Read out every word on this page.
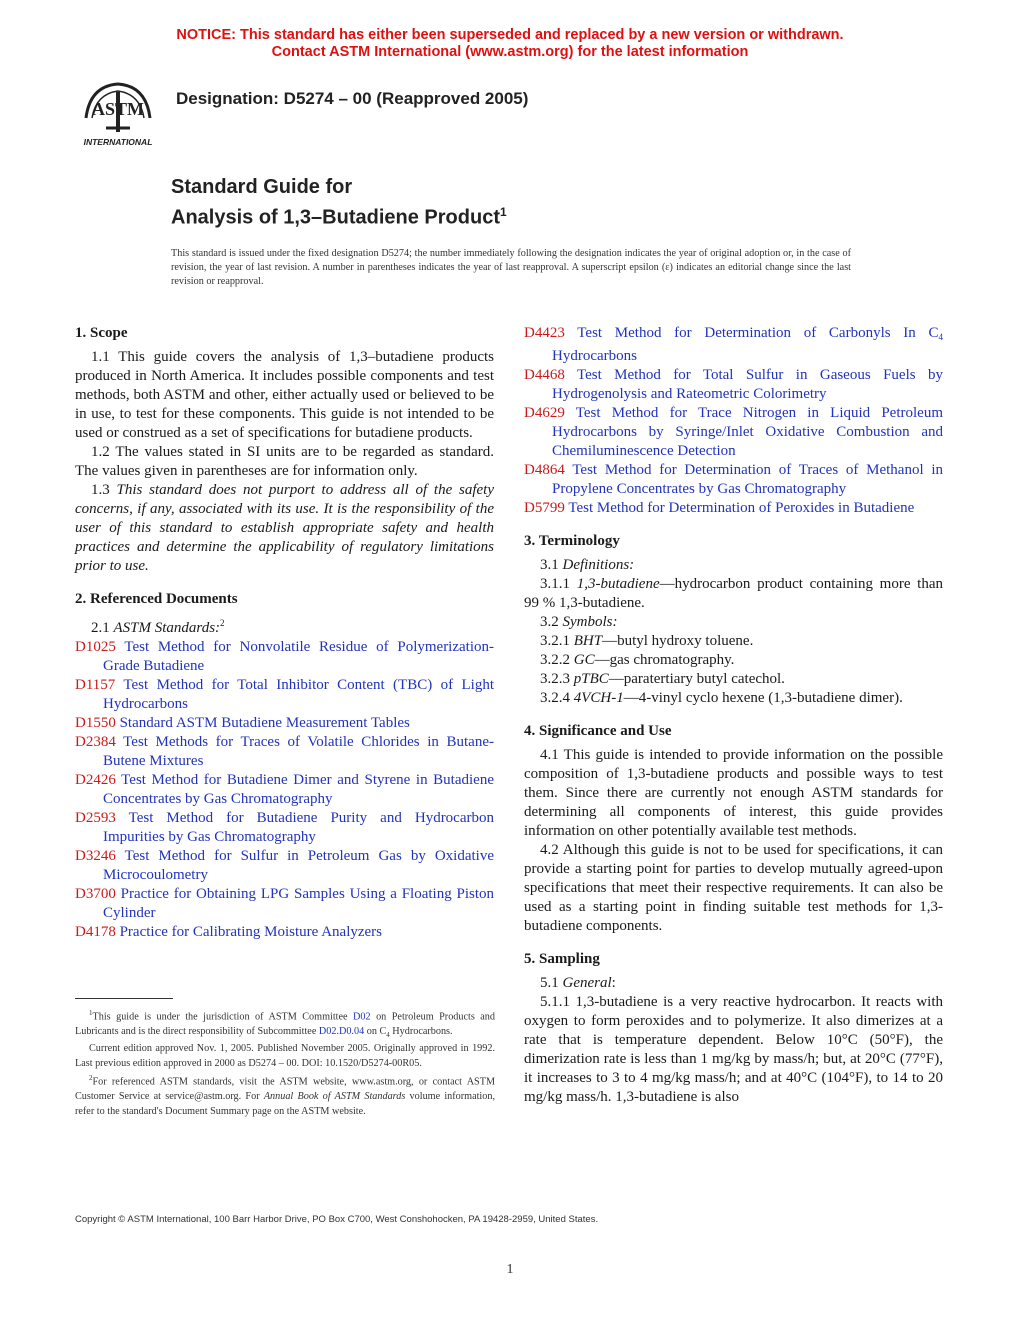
NOTICE: This standard has either been superseded and replaced by a new version or withdrawn.
Contact ASTM International (www.astm.org) for the latest information
ASTM
INTERNATIONAL
Designation: D5274 – 00 (Reapproved 2005)
Standard Guide for
Analysis of 1,3–Butadiene Product$^1$
This standard is issued under the fixed designation D5274; the number immediately following the designation indicates the year of original adoption or, in the case of revision, the year of last revision. A number in parentheses indicates the year of last reapproval. A superscript epsilon (ε) indicates an editorial change since the last revision or reapproval.

1. Scope

1.1 This guide covers the analysis of 1,3–butadiene products produced in North America. It includes possible components and test methods, both ASTM and other, either actually used or believed to be in use, to test for these components. This guide is not intended to be used or construed as a set of specifications for butadiene products.

1.2 The values stated in SI units are to be regarded as standard. The values given in parentheses are for information only.

1.3 This standard does not purport to address all of the safety concerns, if any, associated with its use. It is the responsibility of the user of this standard to establish appropriate safety and health practices and determine the applicability of regulatory limitations prior to use.

2. Referenced Documents

2.1 ASTM Standards:$^2$

D1025 Test Method for Nonvolatile Residue of Polymerization-Grade Butadiene

D1157 Test Method for Total Inhibitor Content (TBC) of Light Hydrocarbons

D1550 Standard ASTM Butadiene Measurement Tables

D2384 Test Methods for Traces of Volatile Chlorides in Butane-Butene Mixtures

D2426 Test Method for Butadiene Dimer and Styrene in Butadiene Concentrates by Gas Chromatography

D2593 Test Method for Butadiene Purity and Hydrocarbon Impurities by Gas Chromatography

D3246 Test Method for Sulfur in Petroleum Gas by Oxidative Microcoulometry

D3700 Practice for Obtaining LPG Samples Using a Floating Piston Cylinder

D4178 Practice for Calibrating Moisture Analyzers

D4423 Test Method for Determination of Carbonyls In $C_4$ Hydrocarbons

D4468 Test Method for Total Sulfur in Gaseous Fuels by Hydrogenolysis and Rateometric Colorimetry

D4629 Test Method for Trace Nitrogen in Liquid Petroleum Hydrocarbons by Syringe/Inlet Oxidative Combustion and Chemiluminescence Detection

D4864 Test Method for Determination of Traces of Methanol in Propylene Concentrates by Gas Chromatography

D5799 Test Method for Determination of Peroxides in Butadiene

3. Terminology

3.1 Definitions:

3.1.1 1,3-butadiene—hydrocarbon product containing more than 99 % 1,3-butadiene.

3.2 Symbols:

3.2.1 BHT—butyl hydroxy toluene.

3.2.2 GC—gas chromatography.

3.2.3 pTBC—paratertiary butyl catechol.

3.2.4 4VCH-1—4-vinyl cyclo hexene (1,3-butadiene dimer).

4. Significance and Use

4.1 This guide is intended to provide information on the possible composition of 1,3-butadiene products and possible ways to test them. Since there are currently not enough ASTM standards for determining all components of interest, this guide provides information on other potentially available test methods.

4.2 Although this guide is not to be used for specifications, it can provide a starting point for parties to develop mutually agreed-upon specifications that meet their respective requirements. It can also be used as a starting point in finding suitable test methods for 1,3-butadiene components.

5. Sampling

5.1 General:

5.1.1 1,3-butadiene is a very reactive hydrocarbon. It reacts with oxygen to form peroxides and to polymerize. It also dimerizes at a rate that is temperature dependent. Below 10°C (50°F), the dimerization rate is less than 1 mg/kg by mass/h; but, at 20°C (77°F), it increases to 3 to 4 mg/kg mass/h; and at 40°C (104°F), to 14 to 20 mg/kg mass/h. 1,3-butadiene is also

$^1$This guide is under the jurisdiction of ASTM Committee D02 on Petroleum Products and Lubricants and is the direct responsibility of Subcommittee D02.D0.04 on $C_4$ Hydrocarbons.

Current edition approved Nov. 1, 2005. Published November 2005. Originally approved in 1992. Last previous edition approved in 2000 as D5274 – 00. DOI: 10.1520/D5274-00R05.

$^2$For referenced ASTM standards, visit the ASTM website, www.astm.org, or contact ASTM Customer Service at service@astm.org. For Annual Book of ASTM Standards volume information, refer to the standard's Document Summary page on the ASTM website.

Copyright © ASTM International, 100 Barr Harbor Drive, PO Box C700, West Conshohocken, PA 19428-2959, United States.
1
